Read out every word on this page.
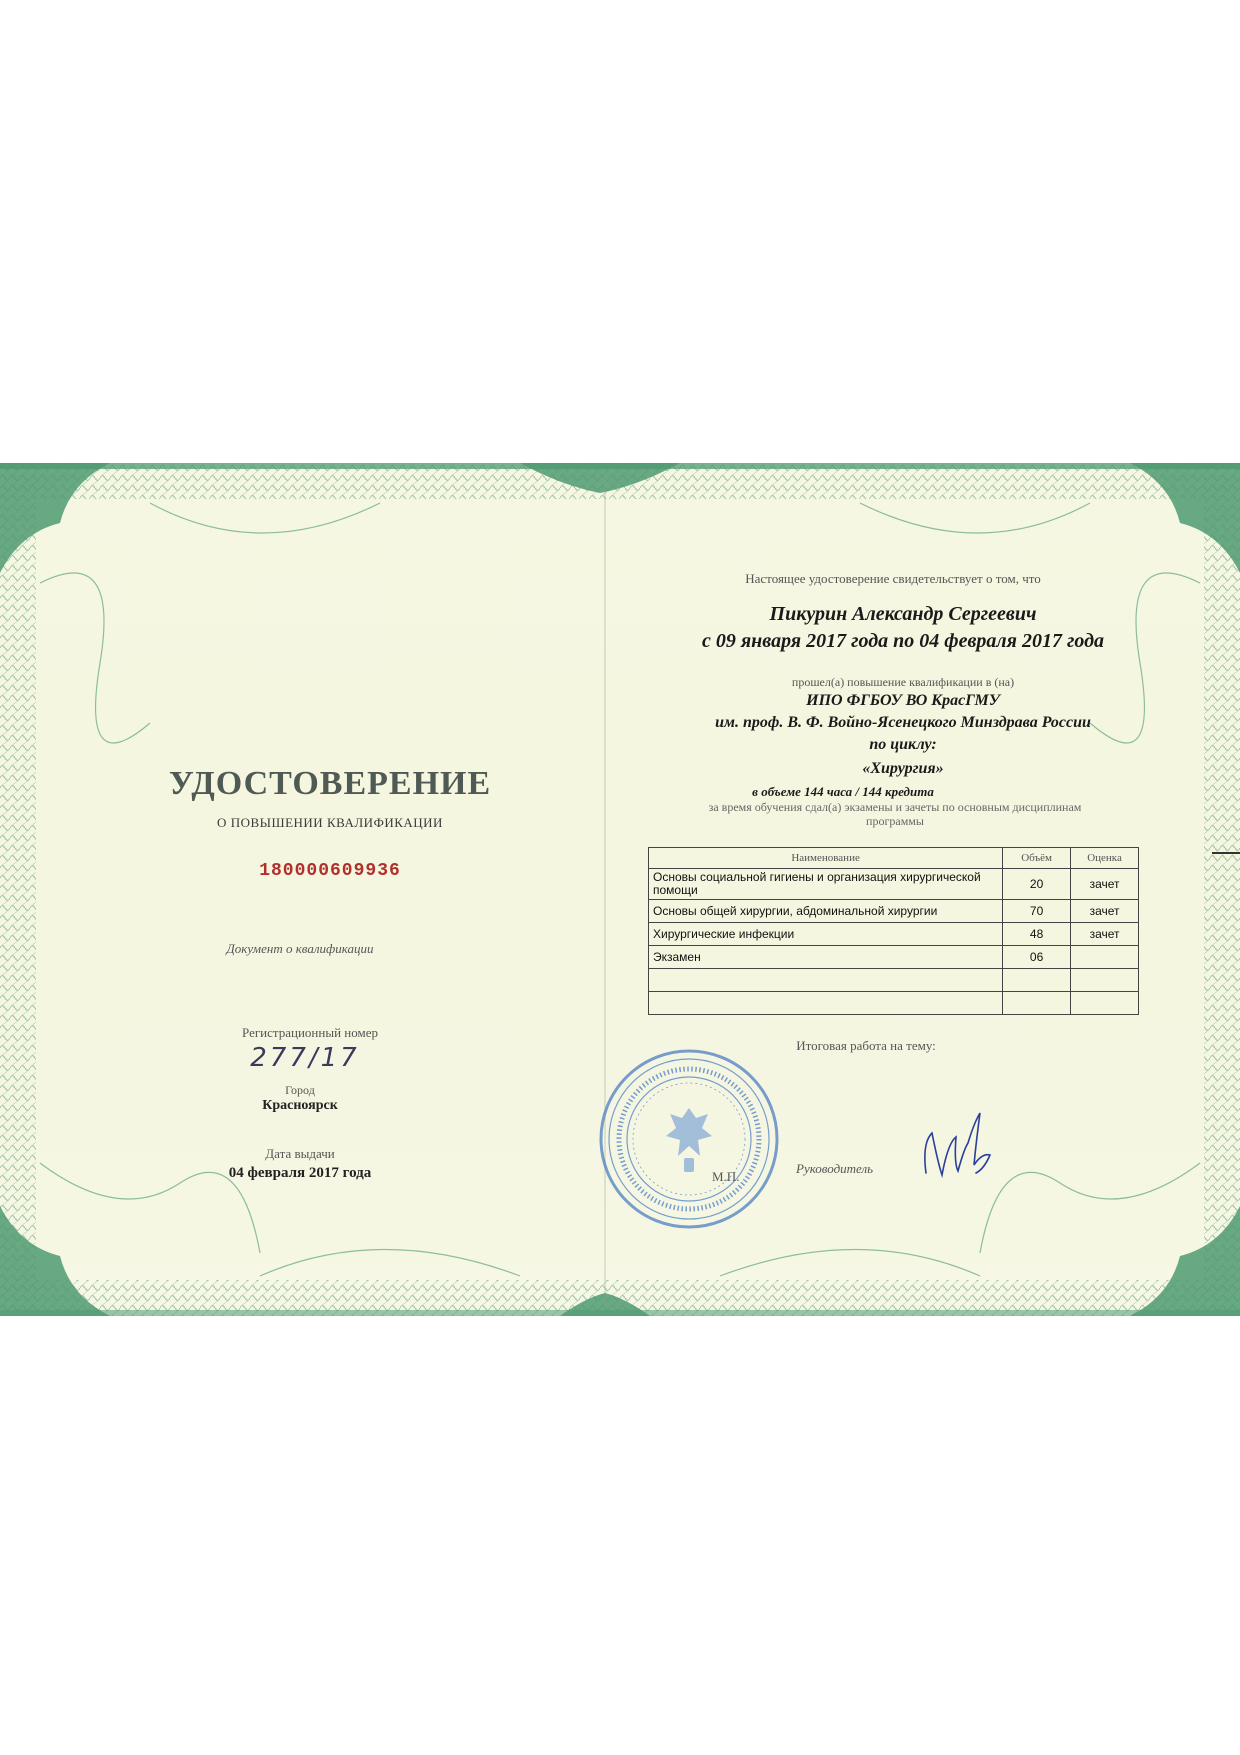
УДОСТОВЕРЕНИЕ
О ПОВЫШЕНИИ КВАЛИФИКАЦИИ
180000609936
Документ о квалификации
Регистрационный номер
277/17
Город
Красноярск
Дата выдачи
04 февраля 2017 года
Настоящее удостоверение свидетельствует о том, что
Пикурин Александр Сергеевич
с 09 января 2017 года по 04 февраля 2017 года
прошел(а) повышение квалификации в (на)
ИПО ФГБОУ ВО КрасГМУ
им. проф. В. Ф. Войно-Ясенецкого Минздрава России
по циклу:
«Хирургия»
в объеме 144 часа / 144 кредита
за время обучения сдал(а) экзамены и зачеты по основным дисциплинам
программы
Наименование	Объём	Оценка
Основы социальной гигиены и организация хирургической помощи	20	зачет
Основы общей хирургии, абдоминальной хирургии	70	зачет
Хирургические инфекции	48	зачет
Экзамен	06	

Итоговая работа на тему:
М.П.
Руководитель
